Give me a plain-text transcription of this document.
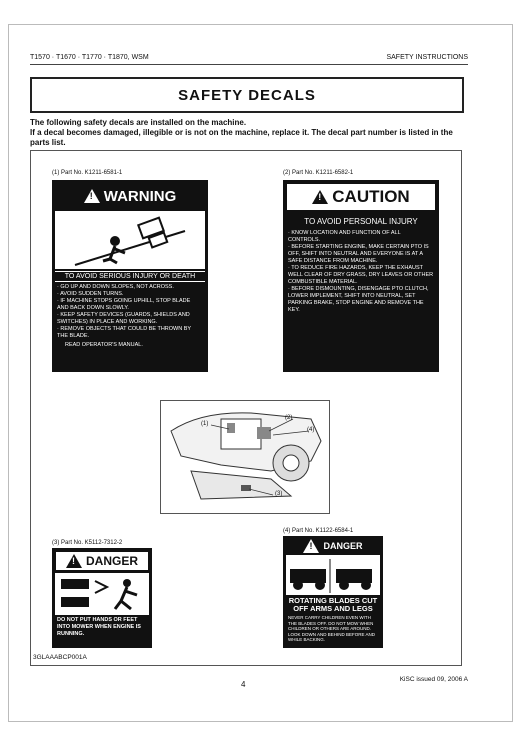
T1570 · T1670 · T1770 · T1870, WSM	SAFETY INSTRUCTIONS
SAFETY DECALS
The following safety decals are installed on the machine.
If a decal becomes damaged, illegible or is not on the machine, replace it. The decal part number is listed in the parts list.
(1) Part No. K1211-6581-1
! WARNING
TO AVOID SERIOUS INJURY OR DEATH
· GO UP AND DOWN SLOPES, NOT ACROSS.
· AVOID SUDDEN TURNS.
· IF MACHINE STOPS GOING UPHILL, STOP BLADE AND BACK DOWN SLOWLY.
· KEEP SAFETY DEVICES (GUARDS, SHIELDS AND SWITCHES) IN PLACE AND WORKING.
· REMOVE OBJECTS THAT COULD BE THROWN BY THE BLADE.
READ OPERATOR'S MANUAL.
(2) Part No. K1211-6582-1
! CAUTION
TO AVOID PERSONAL INJURY
· KNOW LOCATION AND FUNCTION OF ALL CONTROLS.
· BEFORE STARTING ENGINE, MAKE CERTAIN PTO IS OFF, SHIFT INTO NEUTRAL AND EVERYONE IS AT A SAFE DISTANCE FROM MACHINE.
· TO REDUCE FIRE HAZARDS, KEEP THE EXHAUST WELL CLEAR OF DRY GRASS, DRY LEAVES OR OTHER COMBUSTIBLE MATERIAL.
· BEFORE DISMOUNTING, DISENGAGE PTO CLUTCH, LOWER IMPLEMENT, SHIFT INTO NEUTRAL, SET PARKING BRAKE, STOP ENGINE AND REMOVE THE KEY.
(1)
(2)
(4)
(3)
(3) Part No. K5112-7312-2
! DANGER
DO NOT PUT HANDS OR FEET INTO MOWER WHEN ENGINE IS RUNNING.
(4) Part No. K1122-6584-1
! DANGER
ROTATING BLADES CUT OFF ARMS AND LEGS
NEVER CARRY CHILDREN EVEN WITH THE BLADES OFF. DO NOT MOW WHEN CHILDREN OR OTHERS ARE AROUND. LOOK DOWN AND BEHIND BEFORE AND WHILE BACKING.
3GLAAABCP001A
4
KiSC issued 09, 2006 A
